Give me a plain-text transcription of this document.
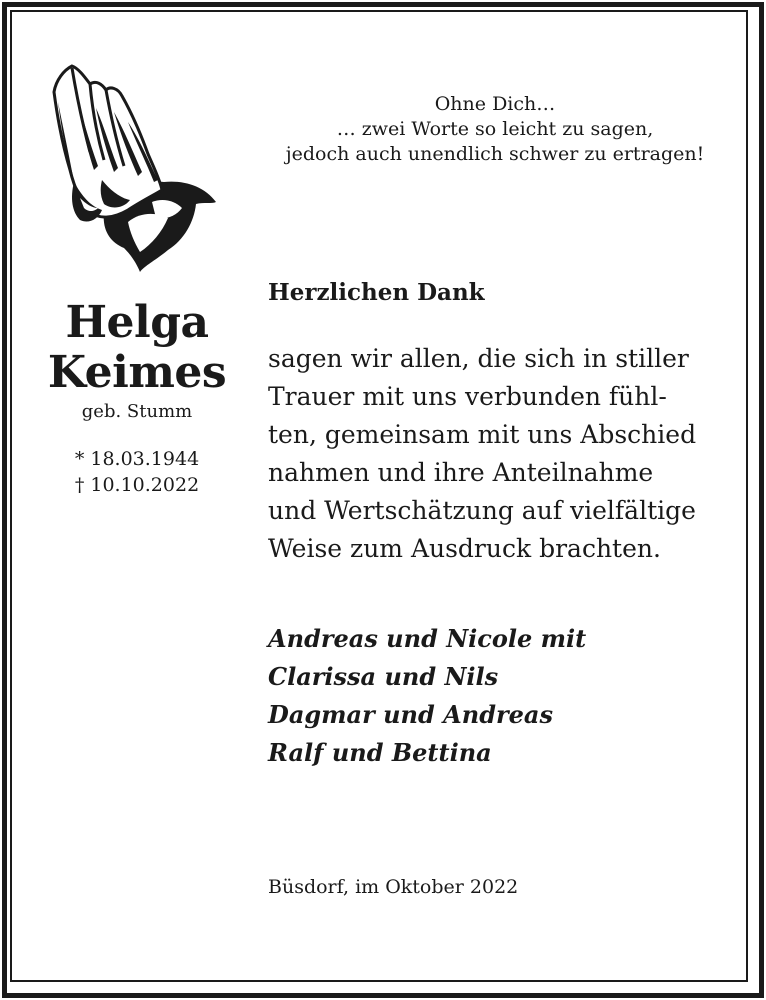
Ohne Dich…
… zwei Worte so leicht zu sagen,
jedoch auch unendlich schwer zu ertragen!
Helga
Keimes
geb. Stumm
* 18.03.1944
† 10.10.2022
Herzlichen Dank
sagen wir allen, die sich in stiller
Trauer mit uns verbunden fühl-
ten, gemeinsam mit uns Abschied
nahmen und ihre Anteilnahme
und Wertschätzung auf vielfältige
Weise zum Ausdruck brachten.
Andreas und Nicole mit
Clarissa und Nils
Dagmar und Andreas
Ralf und Bettina
Büsdorf, im Oktober 2022
